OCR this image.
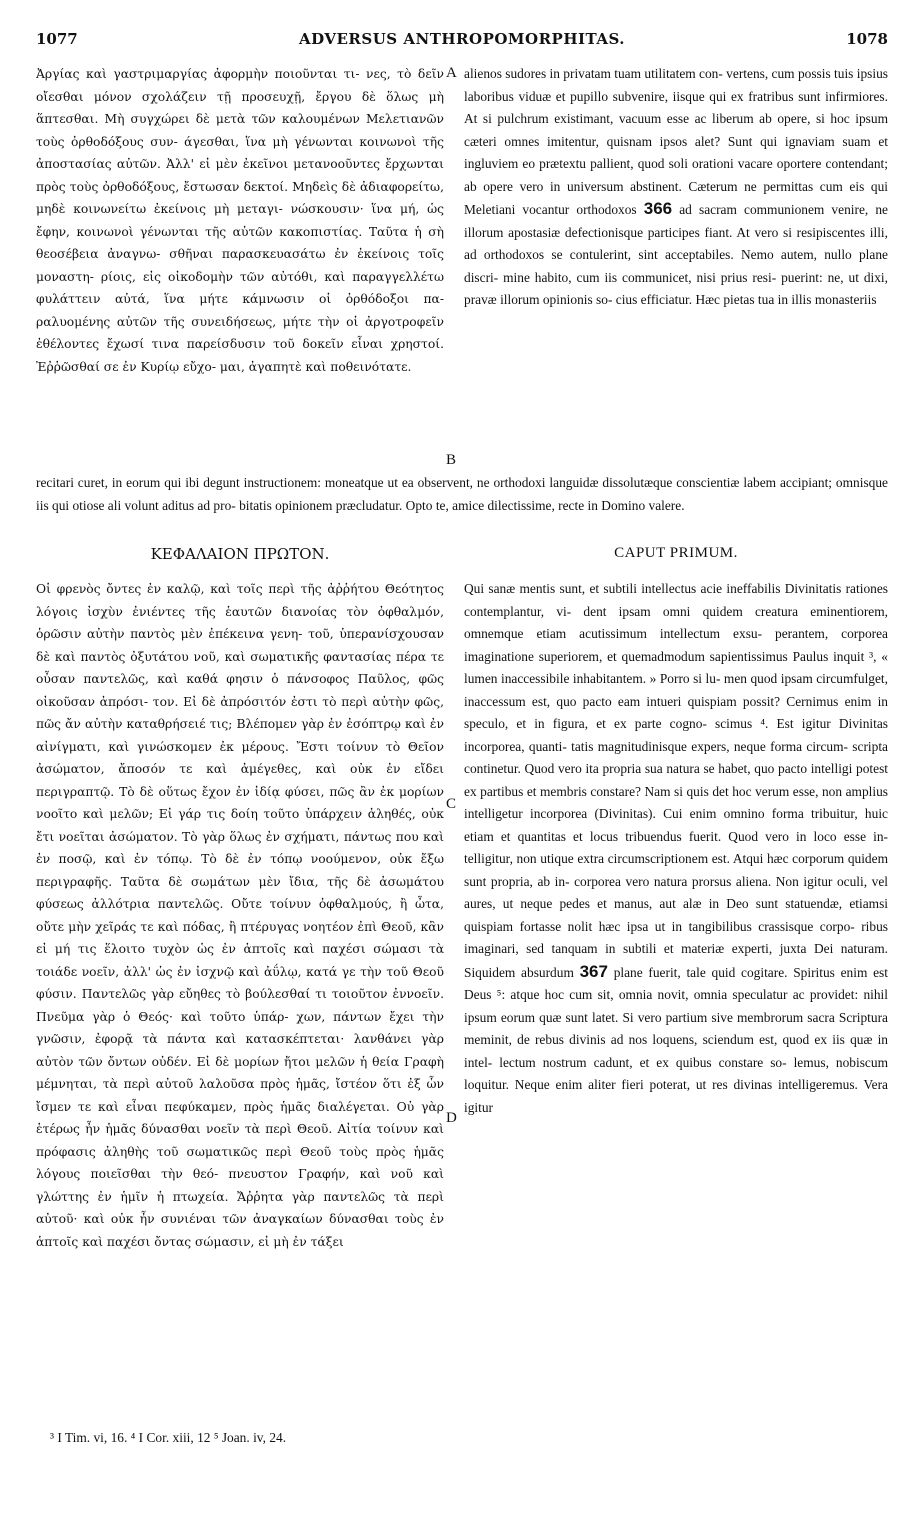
1077	ADVERSUS ANTHROPOMORPHITAS.	1078

Ἀργίας καὶ γαστριμαργίας ἀφορμὴν ποιοῦνται τι- νες, τὸ δεῖν οἴεσθαι μόνον σχολάζειν τῇ προσευχῇ, ἔργου δὲ ὅλως μὴ ἅπτεσθαι. Μὴ συγχώρει δὲ μετὰ τῶν καλουμένων Μελετιανῶν τοὺς ὀρθοδόξους συν- άγεσθαι, ἵνα μὴ γένωνται κοινωνοὶ τῆς ἀποστασίας αὐτῶν. Ἀλλ' εἰ μὲν ἐκεῖνοι μετανοοῦντες ἔρχωνται πρὸς τοὺς ὀρθοδόξους, ἔστωσαν δεκτοί. Μηδεὶς δὲ ἀδιαφορείτω, μηδὲ κοινωνείτω ἐκείνοις μὴ μεταγι- νώσκουσιν· ἵνα μή, ὡς ἔφην, κοινωνοὶ γένωνται τῆς αὐτῶν κακοπιστίας. Ταῦτα ἡ σὴ θεοσέβεια ἀναγνω- σθῆναι παρασκευασάτω ἐν ἐκείνοις τοῖς μοναστη- ρίοις, εἰς οἰκοδομὴν τῶν αὐτόθι, καὶ παραγγελλέτω φυλάττειν αὐτά, ἵνα μήτε κάμνωσιν οἱ ὀρθόδοξοι πα- ραλυομένης αὐτῶν τῆς συνειδήσεως, μήτε τὴν οἱ ἀργοτροφεῖν ἐθέλοντες ἔχωσί τινα παρείσδυσιν τοῦ δοκεῖν εἶναι χρηστοί. Ἐῤῥῶσθαί σε ἐν Κυρίῳ εὔχο- μαι, ἀγαπητὲ καὶ ποθεινότατε.

alienos sudores in privatam tuam utilitatem con- vertens, cum possis tuis ipsius laboribus viduæ et pupillo subvenire, iisque qui ex fratribus sunt infirmiores. At si pulchrum existimant, vacuum esse ac liberum ab opere, si hoc ipsum cæteri omnes imitentur, quisnam ipsos alet? Sunt qui ignaviam suam et ingluviem eo prætextu pallient, quod soli orationi vacare oportere contendant; ab opere vero in universum abstinent. Cæterum ne permittas cum eis qui Meletiani vocantur orthodoxos 366 ad sacram communionem venire, ne illorum apostasiæ defectionisque participes fiant. At vero si resipiscentes illi, ad orthodoxos se contulerint, sint acceptabiles. Nemo autem, nullo plane discri- mine habito, cum iis communicet, nisi prius resi- puerint: ne, ut dixi, pravæ illorum opinionis so- cius efficiatur. Hæc pietas tua in illis monasteriis

A
B

recitari curet, in eorum qui ibi degunt instructionem: moneatque ut ea observent, ne orthodoxi languidæ dissolutæque conscientiæ labem accipiant; omnisque iis qui otiose ali volunt aditus ad pro- bitatis opinionem præcludatur. Opto te, amice dilectissime, recte in Domino valere.

ΚΕΦΑΛΑΙΟΝ ΠΡΩΤΟΝ.	CAPUT PRIMUM.

Οἱ φρενὸς ὄντες ἐν καλῷ, καὶ τοῖς περὶ τῆς ἀῤῥήτου Θεότητος λόγοις ἰσχὺν ἐνιέντες τῆς ἑαυτῶν διανοίας τὸν ὀφθαλμόν, ὁρῶσιν αὐτὴν παντὸς μὲν ἐπέκεινα γενη- τοῦ, ὑπερανίσχουσαν δὲ καὶ παντὸς ὀξυτάτου νοῦ, καὶ σωματικῆς φαντασίας πέρα τε οὖσαν παντελῶς, καὶ καθά φησιν ὁ πάνσοφος Παῦλος, φῶς οἰκοῦσαν ἀπρόσι- τον. Εἰ δὲ ἀπρόσιτόν ἐστι τὸ περὶ αὐτὴν φῶς, πῶς ἄν αὐτὴν καταθρήσειέ τις; Βλέπομεν γὰρ ἐν ἐσόπτρῳ καὶ ἐν αἰνίγματι, καὶ γινώσκομεν ἐκ μέρους. Ἔστι τοίνυν τὸ Θεῖον ἀσώματον, ἄποσόν τε καὶ ἀμέγεθες, καὶ οὐκ ἐν εἴδει περιγραπτῷ. Τὸ δὲ οὕτως ἔχον ἐν ἰδίᾳ φύσει, πῶς ἂν ἐκ μορίων νοοῖτο καὶ μελῶν; Εἰ γάρ τις δοίη τοῦτο ὑπάρχειν ἀληθές, οὐκ ἔτι νοεῖται ἀσώματον. Τὸ γὰρ ὅλως ἐν σχήματι, πάντως που καὶ ἐν ποσῷ, καὶ ἐν τόπῳ. Τὸ δὲ ἐν τόπῳ νοούμενον, οὐκ ἔξω περιγραφῆς. Ταῦτα δὲ σωμάτων μὲν ἴδια, τῆς δὲ ἀσωμάτου φύσεως ἀλλότρια παντελῶς. Οὔτε τοίνυν ὀφθαλμούς, ἢ ὦτα, οὔτε μὴν χεῖράς τε καὶ πόδας, ἢ πτέρυγας νοητέον ἐπὶ Θεοῦ, κἂν εἰ μή τις ἕλοιτο τυχὸν ὡς ἐν ἁπτοῖς καὶ παχέσι σώμασι τὰ τοιάδε νοεῖν, ἀλλ' ὡς ἐν ἰσχνῷ καὶ ἀΰλῳ, κατά γε τὴν τοῦ Θεοῦ φύσιν. Παντελῶς γὰρ εὔηθες τὸ βούλεσθαί τι τοιοῦτον ἐννοεῖν. Πνεῦμα γὰρ ὁ Θεός· καὶ τοῦτο ὑπάρ- χων, πάντων ἔχει τὴν γνῶσιν, ἐφορᾷ τὰ πάντα καὶ κατασκέπτεται· λανθάνει γὰρ αὐτὸν τῶν ὄντων οὐδέν. Εἰ δὲ μορίων ἤτοι μελῶν ἡ θεία Γραφὴ μέμνηται, τὰ περὶ αὐτοῦ λαλοῦσα πρὸς ἡμᾶς, ἴστέον ὅτι ἐξ ὧν ἴσμεν τε καὶ εἶναι πεφύκαμεν, πρὸς ἡμᾶς διαλέγεται. Οὐ γὰρ ἑτέρως ἦν ἡμᾶς δύνασθαι νοεῖν τὰ περὶ Θεοῦ. Αἰτία τοίνυν καὶ πρόφασις ἀληθὴς τοῦ σωματικῶς περὶ Θεοῦ τοὺς πρὸς ἡμᾶς λόγους ποιεῖσθαι τὴν θεό- πνευστον Γραφήν, καὶ νοῦ καὶ γλώττης ἐν ἡμῖν ἡ πτωχεία. Ἄῤῥητα γὰρ παντελῶς τὰ περὶ αὐτοῦ· καὶ οὐκ ἦν συνιέναι τῶν ἀναγκαίων δύνασθαι τοὺς ἐν ἁπτοῖς καὶ παχέσι ὄντας σώμασιν, εἰ μὴ ἐν τάξει

Qui sanæ mentis sunt, et subtili intellectus acie ineffabilis Divinitatis rationes contemplantur, vi- dent ipsam omni quidem creatura eminentiorem, omnemque etiam acutissimum intellectum exsu- perantem, corporea imaginatione superiorem, et quemadmodum sapientissimus Paulus inquit ³, « lumen inaccessibile inhabitantem. » Porro si lu- men quod ipsam circumfulget, inaccessum est, quo pacto eam intueri quispiam possit? Cernimus enim in speculo, et in figura, et ex parte cogno- scimus ⁴. Est igitur Divinitas incorporea, quanti- tatis magnitudinisque expers, neque forma circum- scripta continetur. Quod vero ita propria sua natura se habet, quo pacto intelligi potest ex partibus et membris constare? Nam si quis det hoc verum esse, non amplius intelligetur incorporea (Divinitas). Cui enim omnino forma tribuitur, huic etiam et quantitas et locus tribuendus fuerit. Quod vero in loco esse in- telligitur, non utique extra circumscriptionem est. Atqui hæc corporum quidem sunt propria, ab in- corporea vero natura prorsus aliena. Non igitur oculi, vel aures, ut neque pedes et manus, aut alæ in Deo sunt statuendæ, etiamsi quispiam fortasse nolit hæc ipsa ut in tangibilibus crassisque corpo- ribus imaginari, sed tanquam in subtili et materiæ experti, juxta Dei naturam. Siquidem absurdum 367 plane fuerit, tale quid cogitare. Spiritus enim est Deus ⁵: atque hoc cum sit, omnia novit, omnia speculatur ac providet: nihil ipsum eorum quæ sunt latet. Si vero partium sive membrorum sacra Scriptura meminit, de rebus divinis ad nos loquens, sciendum est, quod ex iis quæ in intel- lectum nostrum cadunt, et ex quibus constare so- lemus, nobiscum loquitur. Neque enim aliter fieri poterat, ut res divinas intelligeremus. Vera igitur

C
D
³ I Tim. vi, 16. ⁴ I Cor. xiii, 12 ⁵ Joan. iv, 24.
